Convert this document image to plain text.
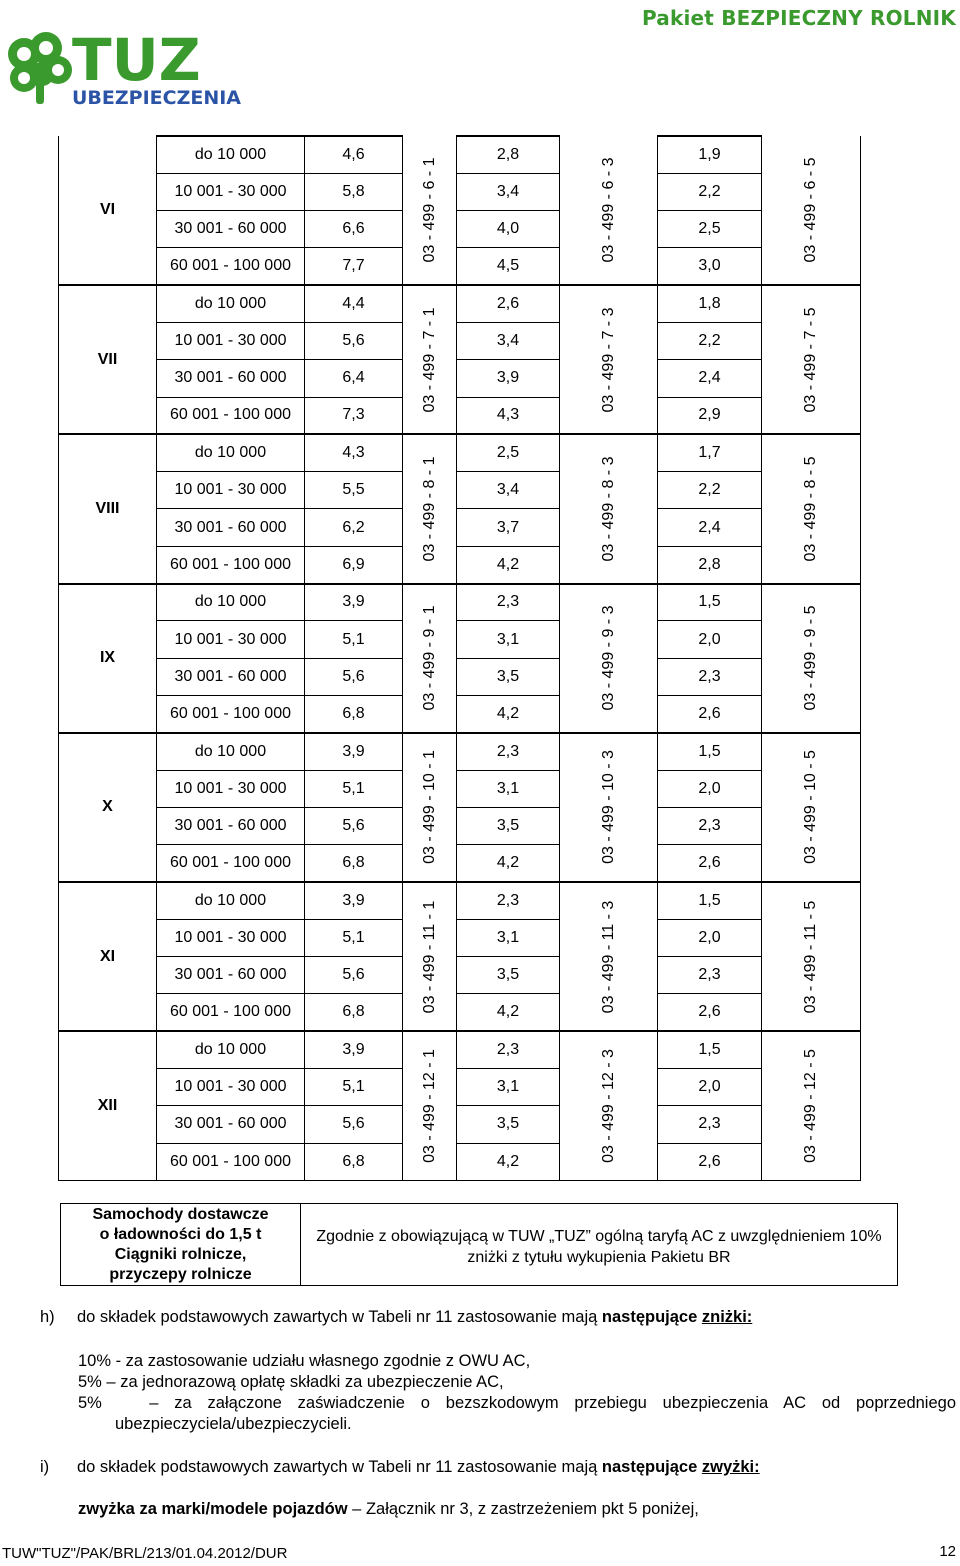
Pakiet BEZPIECZNY ROLNIK
TUZ
UBEZPIECZENIA
VI	do 10 000	4,6	03 - 499 - 6 - 1	2,8	03 - 499 - 6 - 3	1,9	03 - 499 - 6 - 5

	10 001 - 30 000	5,8		3,4		2,2	
	30 001 - 60 000	6,6		4,0		2,5	
	60 001 - 100 000	7,7		4,5		3,0	
VII	do 10 000	4,4	03 - 499 - 7 - 1	2,6	03 - 499 - 7 - 3	1,8	03 - 499 - 7 - 5

	10 001 - 30 000	5,6		3,4		2,2	
	30 001 - 60 000	6,4		3,9		2,4	
	60 001 - 100 000	7,3		4,3		2,9	
VIII	do 10 000	4,3	03 - 499 - 8 - 1	2,5	03 - 499 - 8 - 3	1,7	03 - 499 - 8 - 5

	10 001 - 30 000	5,5		3,4		2,2	
	30 001 - 60 000	6,2		3,7		2,4	
	60 001 - 100 000	6,9		4,2		2,8	
IX	do 10 000	3,9	03 - 499 - 9 - 1	2,3	03 - 499 - 9 - 3	1,5	03 - 499 - 9 - 5

	10 001 - 30 000	5,1		3,1		2,0	
	30 001 - 60 000	5,6		3,5		2,3	
	60 001 - 100 000	6,8		4,2		2,6	
X	do 10 000	3,9	03 - 499 - 10 - 1	2,3	03 - 499 - 10 - 3	1,5	03 - 499 - 10 - 5

	10 001 - 30 000	5,1		3,1		2,0	
	30 001 - 60 000	5,6		3,5		2,3	
	60 001 - 100 000	6,8		4,2		2,6	
XI	do 10 000	3,9	03 - 499 - 11 - 1	2,3	03 - 499 - 11 - 3	1,5	03 - 499 - 11 - 5

	10 001 - 30 000	5,1		3,1		2,0	
	30 001 - 60 000	5,6		3,5		2,3	
	60 001 - 100 000	6,8		4,2		2,6	
XII	do 10 000	3,9	03 - 499 - 12 - 1	2,3	03 - 499 - 12 - 3	1,5	03 - 499 - 12 - 5

	10 001 - 30 000	5,1		3,1		2,0	
	30 001 - 60 000	5,6		3,5		2,3	
	60 001 - 100 000	6,8		4,2		2,6	
Samochody dostawcze
o ładowności do 1,5 t
Ciągniki rolnicze,
przyczepy rolnicze

Zgodnie z obowiązującą w TUW „TUZ” ogólną taryfą AC z uwzględnieniem 10%
zniżki z tytułu wykupienia Pakietu BR
h) do składek podstawowych zawartych w Tabeli nr 11 zastosowanie mają następujące zniżki:
10% - za zastosowanie udziału własnego zgodnie z OWU AC,
5% – za jednorazową opłatę składki za ubezpieczenie AC,
5%   – za załączone zaświadczenie o bezszkodowym przebiegu ubezpieczenia AC od poprzedniego
ubezpieczyciela/ubezpieczycieli.
i) do składek podstawowych zawartych w Tabeli nr 11 zastosowanie mają następujące zwyżki:
zwyżka za marki/modele pojazdów – Załącznik nr 3, z zastrzeżeniem pkt 5 poniżej,
TUW"TUZ"/PAK/BRL/213/01.04.2012/DUR	12
